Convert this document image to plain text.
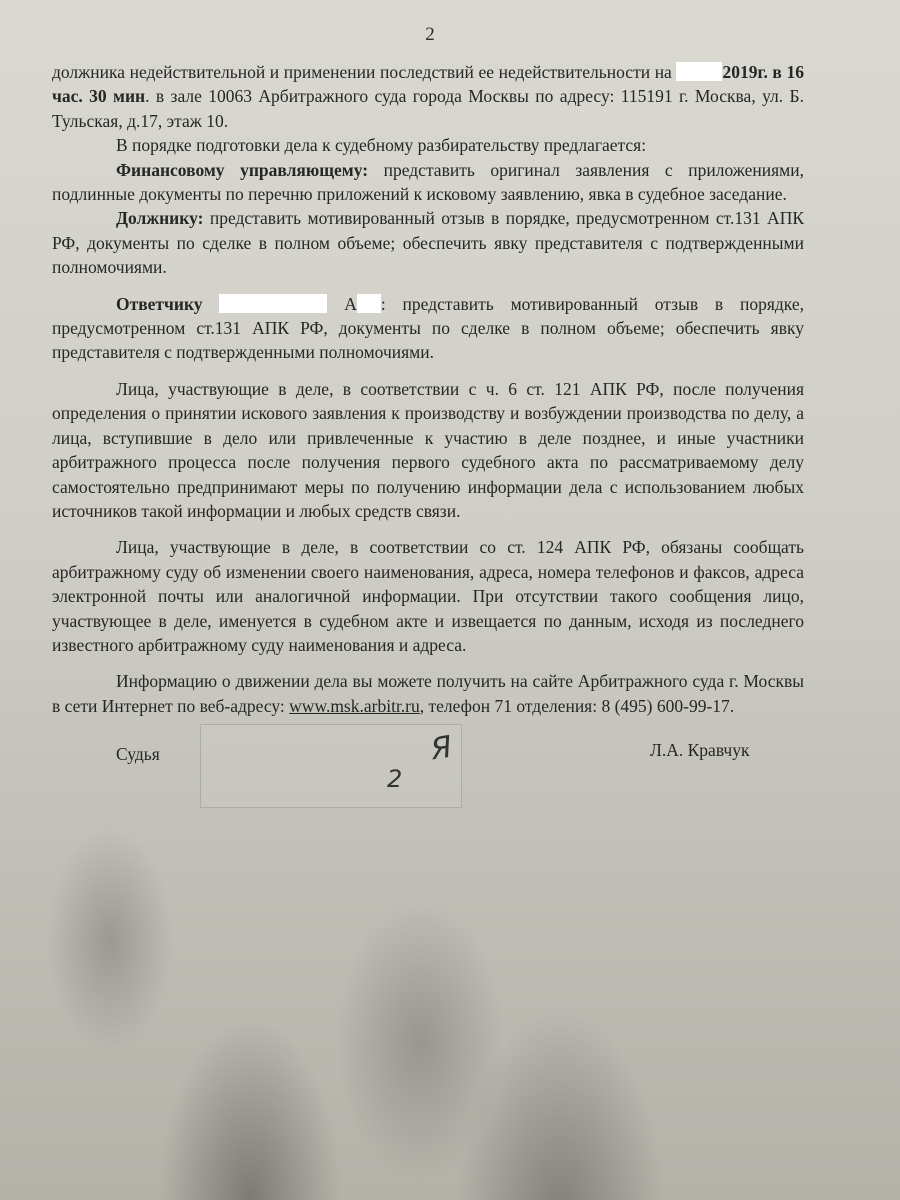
2

должника недействительной и применении последствий ее недействительности на	2019г. в 16 час. 30 мин. в зале 10063 Арбитражного суда города Москвы по адресу: 115191 г. Москва, ул. Б. Тульская, д.17, этаж 10.

В порядке подготовки дела к судебному разбирательству предлагается:

Финансовому управляющему: представить оригинал заявления с приложениями, подлинные документы по перечню приложений к исковому заявлению, явка в судебное заседание.

Должнику: представить мотивированный отзыв в порядке, предусмотренном ст.131 АПК РФ, документы по сделке в полном объеме; обеспечить явку представителя с подтвержденными полномочиями.

Ответчику	А : представить мотивированный отзыв в порядке, предусмотренном ст.131 АПК РФ, документы по сделке в полном объеме; обеспечить явку представителя с подтвержденными полномочиями.

Лица, участвующие в деле, в соответствии с ч. 6 ст. 121 АПК РФ, после получения определения о принятии искового заявления к производству и возбуждении производства по делу, а лица, вступившие в дело или привлеченные к участию в деле позднее, и иные участники арбитражного процесса после получения первого судебного акта по рассматриваемому делу самостоятельно предпринимают меры по получению информации дела с использованием любых источников такой информации и любых средств связи.

Лица, участвующие в деле, в соответствии со ст. 124 АПК РФ, обязаны сообщать арбитражному суду об изменении своего наименования, адреса, номера телефонов и факсов, адреса электронной почты или аналогичной информации. При отсутствии такого сообщения лицо, участвующее в деле, именуется в судебном акте и извещается по данным, исходя из последнего известного арбитражному суду наименования и адреса.

Информацию о движении дела вы можете получить на сайте Арбитражного суда г. Москвы в сети Интернет по веб-адресу: www.msk.arbitr.ru, телефон 71 отделения: 8 (495) 600-99-17.

Я
2
Судья	Л.А. Кравчук
